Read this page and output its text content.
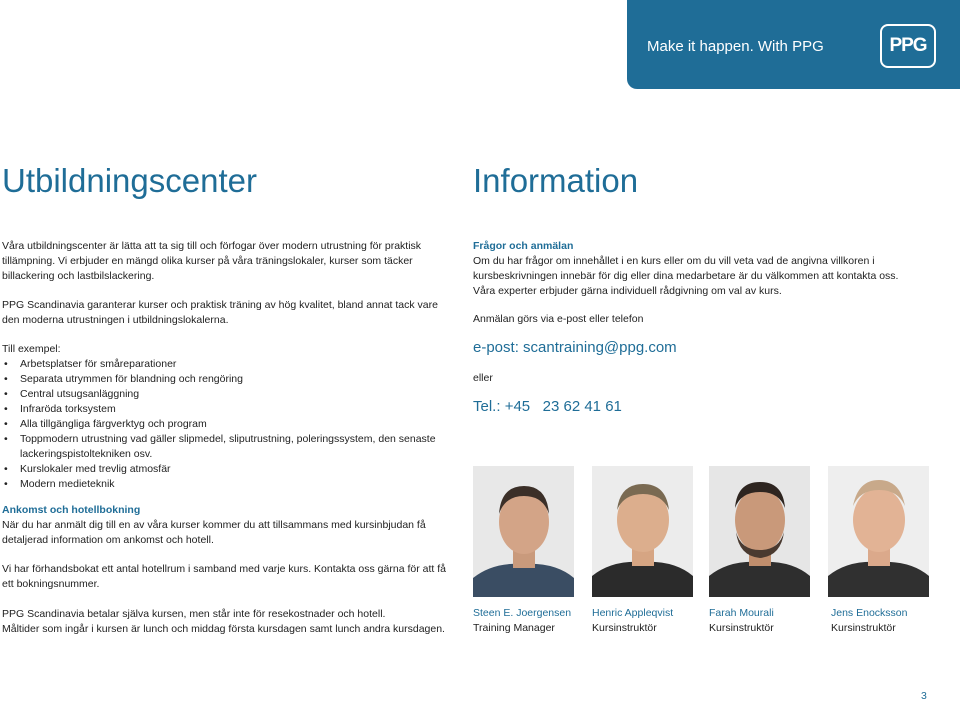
Make it happen. With PPG	PPG
Utbildningscenter	Information

Våra utbildningscenter är lätta att ta sig till och förfogar över modern utrustning för praktisk tillämpning. Vi erbjuder en mängd olika kurser på våra träningslokaler, kurser som täcker billackering och lastbilslackering.

PPG Scandinavia garanterar kurser och praktisk träning av hög kvalitet, bland annat tack vare den moderna utrustningen i utbildningslokalerna.

Till exempel:
• Arbetsplatser för småreparationer
• Separata utrymmen för blandning och rengöring
• Central utsugsanläggning
• Infraröda torksystem
• Alla tillgängliga färgverktyg och program
• Toppmodern utrustning vad gäller slipmedel, sliputrustning, poleringssystem, den senaste lackeringspistoltekniken osv.
• Kurslokaler med trevlig atmosfär
• Modern medieteknik
Ankomst och hotellbokning

När du har anmält dig till en av våra kurser kommer du att tillsammans med kursinbjudan få detaljerad information om ankomst och hotell.

Vi har förhandsbokat ett antal hotellrum i samband med varje kurs. Kontakta oss gärna för att få ett bokningsnummer.

PPG Scandinavia betalar själva kursen, men står inte för resekostnader och hotell.

Måltider som ingår i kursen är lunch och middag första kursdagen samt lunch andra kursdagen.

Frågor och anmälan

Om du har frågor om innehållet i en kurs eller om du vill veta vad de angivna villkoren i kursbeskrivningen innebär för dig eller dina medarbetare är du välkommen att kontakta oss. Våra experter erbjuder gärna individuell rådgivning om val av kurs.

Anmälan görs via e-post eller telefon

e-post: scantraining@ppg.com

eller

Tel.: +45   23 62 41 61
Steen E. Joergensen
Training Manager
Henric Appleqvist
Kursinstruktör
Farah Mourali
Kursinstruktör
Jens Enocksson
Kursinstruktör
3
